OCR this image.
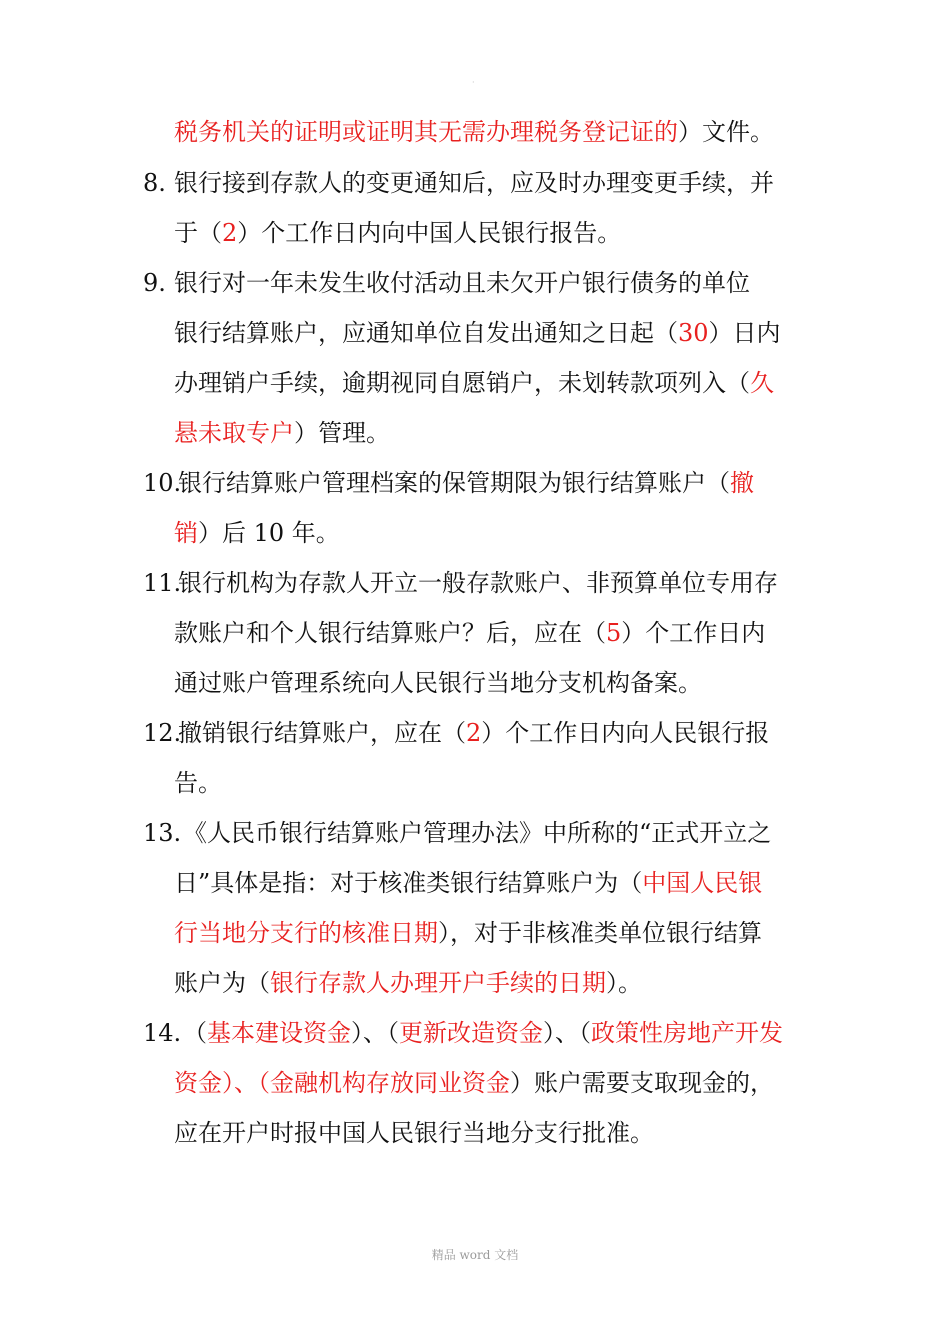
·
税务机关的证明或证明其无需办理税务登记证的）文件。
8. 银行接到存款人的变更通知后，应及时办理变更手续，并
于（2）个工作日内向中国人民银行报告。
9. 银行对一年未发生收付活动且未欠开户银行债务的单位
银行结算账户，应通知单位自发出通知之日起（30）日内
办理销户手续，逾期视同自愿销户，未划转款项列入（久
悬未取专户）管理。
10.
银行结算账户管理档案的保管期限为银行结算账户（撤
销）后 10 年。
11.
银行机构为存款人开立一般存款账户、非预算单位专用存
款账户和个人银行结算账户？后，应在（5）个工作日内
通过账户管理系统向人民银行当地分支机构备案。
12.
撤销银行结算账户，应在（2）个工作日内向人民银行报
告。
13. 《人民币银行结算账户管理办法》中所称的“正式开立之
日”具体是指：对于核准类银行结算账户为（中国人民银
行当地分支行的核准日期），对于非核准类单位银行结算
账户为（银行存款人办理开户手续的日期）。
14. （基本建设资金）、（更新改造资金）、（政策性房地产开发
资金）、（金融机构存放同业资金）账户需要支取现金的，
应在开户时报中国人民银行当地分支行批准。
精品 word 文档
